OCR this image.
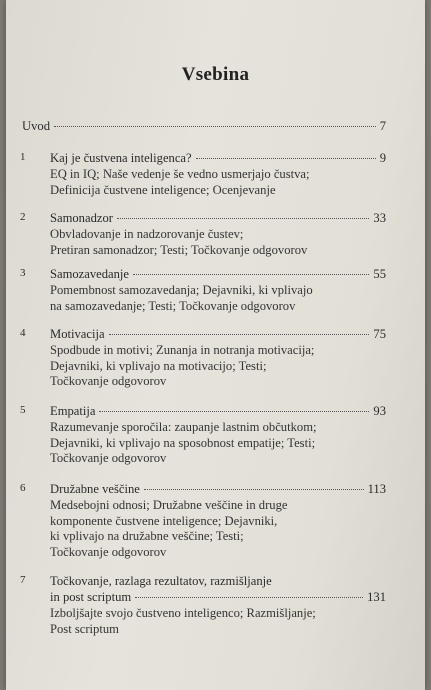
Vsebina
Uvod	7
1 Kaj je čustvena inteligenca?	9
EQ in IQ; Naše vedenje še vedno usmerjajo čustva;
Definicija čustvene inteligence; Ocenjevanje
2 Samonadzor	33
Obvladovanje in nadzorovanje čustev;
Pretiran samonadzor; Testi; Točkovanje odgovorov
3 Samozavedanje	55
Pomembnost samozavedanja; Dejavniki, ki vplivajo
na samozavedanje; Testi; Točkovanje odgovorov
4 Motivacija	75
Spodbude in motivi; Zunanja in notranja motivacija;
Dejavniki, ki vplivajo na motivacijo; Testi;
Točkovanje odgovorov
5 Empatija	93
Razumevanje sporočila: zaupanje lastnim občutkom;
Dejavniki, ki vplivajo na sposobnost empatije; Testi;
Točkovanje odgovorov
6 Družabne veščine	113
Medsebojni odnosi; Družabne veščine in druge
komponente čustvene inteligence; Dejavniki,
ki vplivajo na družabne veščine; Testi;
Točkovanje odgovorov
7 Točkovanje, razlaga rezultatov, razmišljanje
in post scriptum	131
Izboljšajte svojo čustveno inteligenco; Razmišljanje;
Post scriptum
